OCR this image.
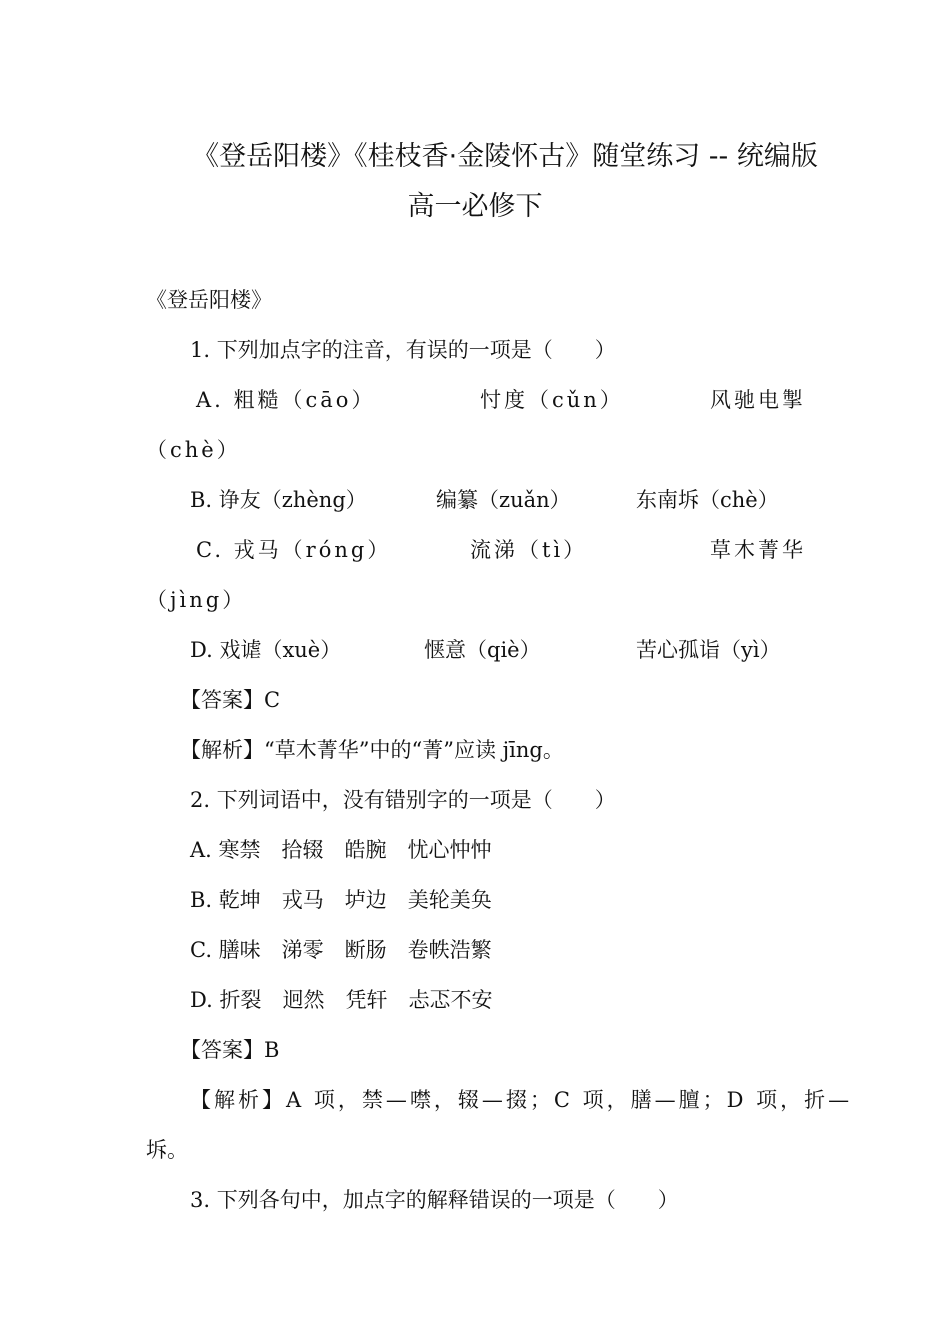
《登岳阳楼》《桂枝香·金陵怀古》随堂练习 -- 统编版
高一必修下
《登岳阳楼》
1. 下列加点字的注音，有误的一项是（　　）
A. 粗糙（cāo）	忖度（cǔn）	风驰电掣
（chè）
B. 诤友（zhèng）	编纂（zuǎn）	东南坼（chè）
C. 戎马（róng）	流涕（tì）	草木菁华
（jìng）
D. 戏谑（xuè）	惬意（qiè）	苦心孤诣（yì）
【答案】C
【解析】“草木菁华”中的“菁”应读 jīng。
2. 下列词语中，没有错别字的一项是（　　）
A. 寒禁　拾辍　皓腕　忧心忡忡
B. 乾坤　戎马　垆边　美轮美奂
C. 膳味　涕零　断肠　卷帙浩繁
D. 折裂　迥然　凭轩　忐忑不安
【答案】B
【解析】A 项，禁—噤，辍—掇；C 项，膳—膻；D 项，折—
坼。
3. 下列各句中，加点字的解释错误的一项是（　　）
